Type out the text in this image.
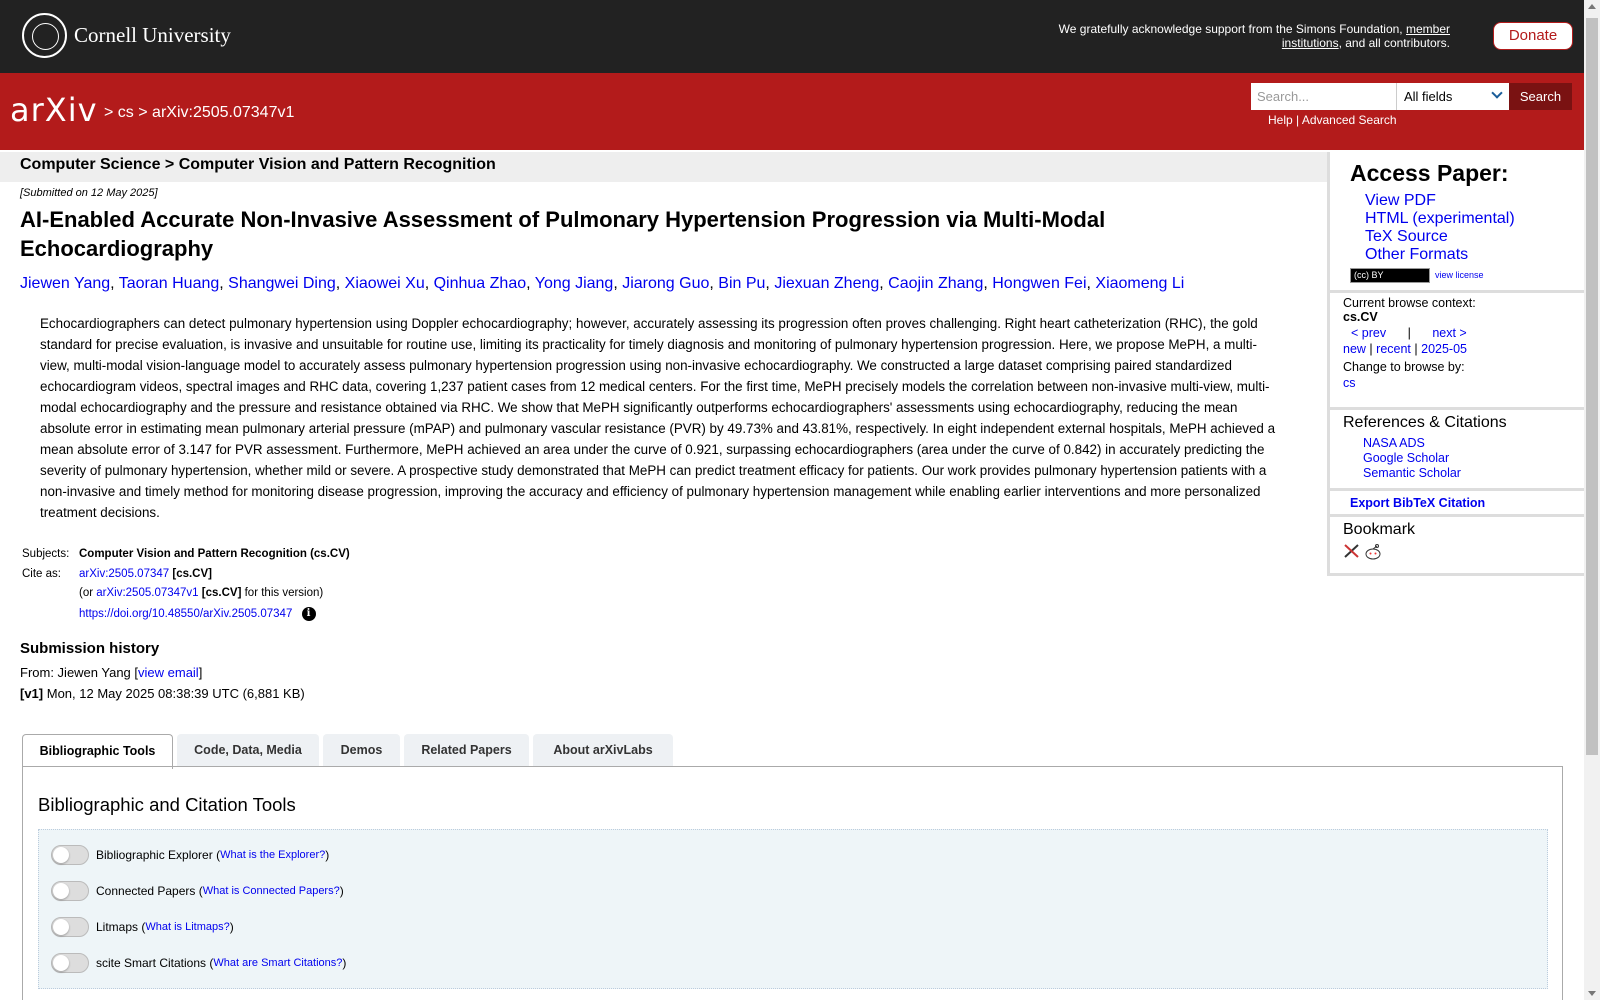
Cornell University	We gratefully acknowledge support from the Simons Foundation, member institutions, and all contributors.	Donate
arXiv > cs > arXiv:2505.07347v1
Search...	All fields	Search
Help | Advanced Search
Computer Science > Computer Vision and Pattern Recognition
[Submitted on 12 May 2025]
AI-Enabled Accurate Non-Invasive Assessment of Pulmonary Hypertension Progression via Multi-Modal Echocardiography
Jiewen Yang, Taoran Huang, Shangwei Ding, Xiaowei Xu, Qinhua Zhao, Yong Jiang, Jiarong Guo, Bin Pu, Jiexuan Zheng, Caojin Zhang, Hongwen Fei, Xiaomeng Li
Echocardiographers can detect pulmonary hypertension using Doppler echocardiography; however, accurately assessing its progression often proves challenging. Right heart catheterization (RHC), the gold standard for precise evaluation, is invasive and unsuitable for routine use, limiting its practicality for timely diagnosis and monitoring of pulmonary hypertension progression. Here, we propose MePH, a multi-view, multi-modal vision-language model to accurately assess pulmonary hypertension progression using non-invasive echocardiography. We constructed a large dataset comprising paired standardized echocardiogram videos, spectral images and RHC data, covering 1,237 patient cases from 12 medical centers. For the first time, MePH precisely models the correlation between non-invasive multi-view, multi-modal echocardiography and the pressure and resistance obtained via RHC. We show that MePH significantly outperforms echocardiographers' assessments using echocardiography, reducing the mean absolute error in estimating mean pulmonary arterial pressure (mPAP) and pulmonary vascular resistance (PVR) by 49.73% and 43.81%, respectively. In eight independent external hospitals, MePH achieved a mean absolute error of 3.147 for PVR assessment. Furthermore, MePH achieved an area under the curve of 0.921, surpassing echocardiographers (area under the curve of 0.842) in accurately predicting the severity of pulmonary hypertension, whether mild or severe. A prospective study demonstrated that MePH can predict treatment efficacy for patients. Our work provides pulmonary hypertension patients with a non-invasive and timely method for monitoring disease progression, improving the accuracy and efficiency of pulmonary hypertension management while enabling earlier interventions and more personalized treatment decisions.
Subjects: Computer Vision and Pattern Recognition (cs.CV)
Cite as:	arXiv:2505.07347 [cs.CV]
(or arXiv:2505.07347v1 [cs.CV] for this version)
https://doi.org/10.48550/arXiv.2505.07347 i
Submission history
From: Jiewen Yang [view email]
[v1] Mon, 12 May 2025 08:38:39 UTC (6,881 KB)
Access Paper:
View PDF
HTML (experimental)
TeX Source
Other Formats
(cc) BY	view license
Current browse context:
cs.CV
< prev | next >
new | recent | 2025-05
Change to browse by:
cs
References & Citations
NASA ADS
Google Scholar
Semantic Scholar
Export BibTeX Citation
Bookmark
Bibliographic Tools	Code, Data, Media	Demos	Related Papers	About arXivLabs
Bibliographic and Citation Tools
Bibliographic Explorer ( What is the Explorer? )
Connected Papers ( What is Connected Papers? )
Litmaps ( What is Litmaps? )
scite Smart Citations ( What are Smart Citations? )
